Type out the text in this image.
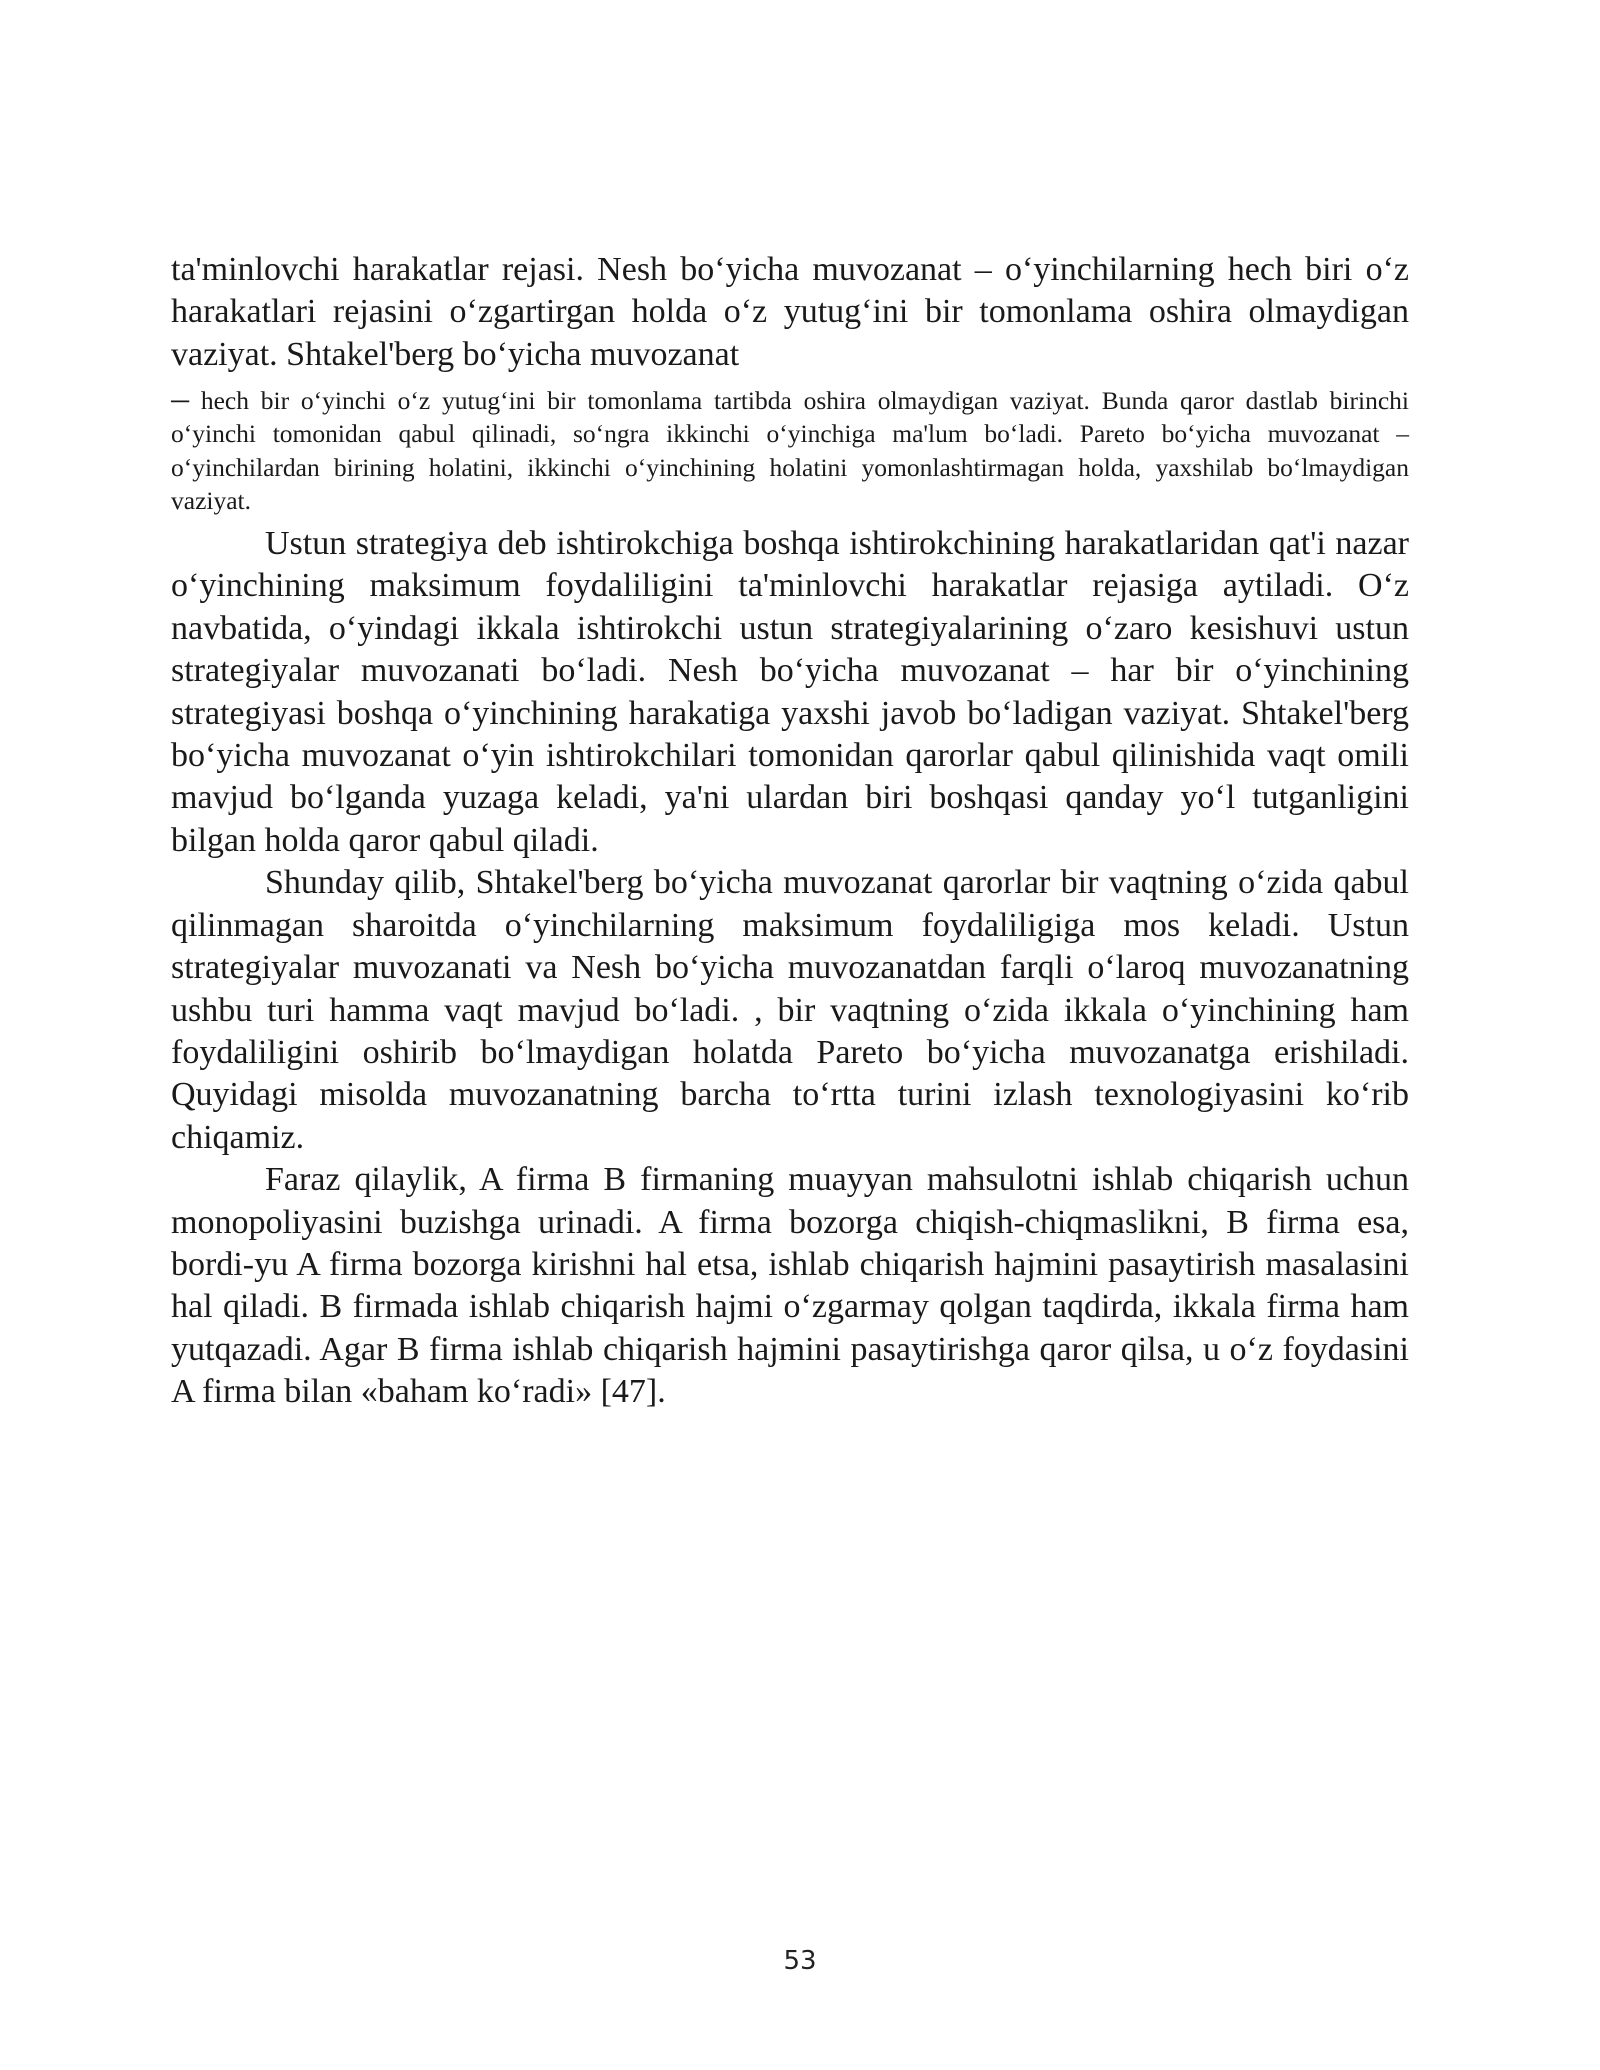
ta'minlovchi harakatlar rejasi. Nesh boʻyicha muvozanat – oʻyinchilarning hech biri oʻz harakatlari rejasini oʻzgartirgan holda oʻz yutugʻini bir tomonlama oshira olmaydigan vaziyat. Shtakel'berg boʻyicha muvozanat

─ hech bir oʻyinchi oʻz yutugʻini bir tomonlama tartibda oshira olmaydigan vaziyat. Bunda qaror dastlab birinchi oʻyinchi tomonidan qabul qilinadi, soʻngra ikkinchi oʻyinchiga ma'lum boʻladi. Pareto boʻyicha muvozanat – oʻyinchilardan birining holatini, ikkinchi oʻyinchining holatini yomonlashtirmagan holda, yaxshilab boʻlmaydigan vaziyat.

Ustun strategiya deb ishtirokchiga boshqa ishtirokchining harakatlaridan qat'i nazar oʻyinchining maksimum foydaliligini ta'minlovchi harakatlar rejasiga aytiladi. Oʻz navbatida, oʻyindagi ikkala ishtirokchi ustun strategiyalarining oʻzaro kesishuvi ustun strategiyalar muvozanati boʻladi. Nesh boʻyicha muvozanat – har bir oʻyinchining strategiyasi boshqa oʻyinchining harakatiga yaxshi javob boʻladigan vaziyat. Shtakel'berg boʻyicha muvozanat oʻyin ishtirokchilari tomonidan qarorlar qabul qilinishida vaqt omili mavjud boʻlganda yuzaga keladi, ya'ni ulardan biri boshqasi qanday yoʻl tutganligini bilgan holda qaror qabul qiladi.

Shunday qilib, Shtakel'berg boʻyicha muvozanat qarorlar bir vaqtning oʻzida qabul qilinmagan sharoitda oʻyinchilarning maksimum foydaliligiga mos keladi. Ustun strategiyalar muvozanati va Nesh boʻyicha muvozanatdan farqli oʻlaroq muvozanatning ushbu turi hamma vaqt mavjud boʻladi. , bir vaqtning oʻzida ikkala oʻyinchining ham foydaliligini oshirib boʻlmaydigan holatda Pareto boʻyicha muvozanatga erishiladi. Quyidagi misolda muvozanatning barcha toʻrtta turini izlash texnologiyasini koʻrib chiqamiz.

Faraz qilaylik, A firma B firmaning muayyan mahsulotni ishlab chiqarish uchun monopoliyasini buzishga urinadi. A firma bozorga chiqish-chiqmaslikni, B firma esa, bordi-yu A firma bozorga kirishni hal etsa, ishlab chiqarish hajmini pasaytirish masalasini hal qiladi. B firmada ishlab chiqarish hajmi oʻzgarmay qolgan taqdirda, ikkala firma ham yutqazadi. Agar B firma ishlab chiqarish hajmini pasaytirishga qaror qilsa, u oʻz foydasini A firma bilan «baham koʻradi» [47].

53
